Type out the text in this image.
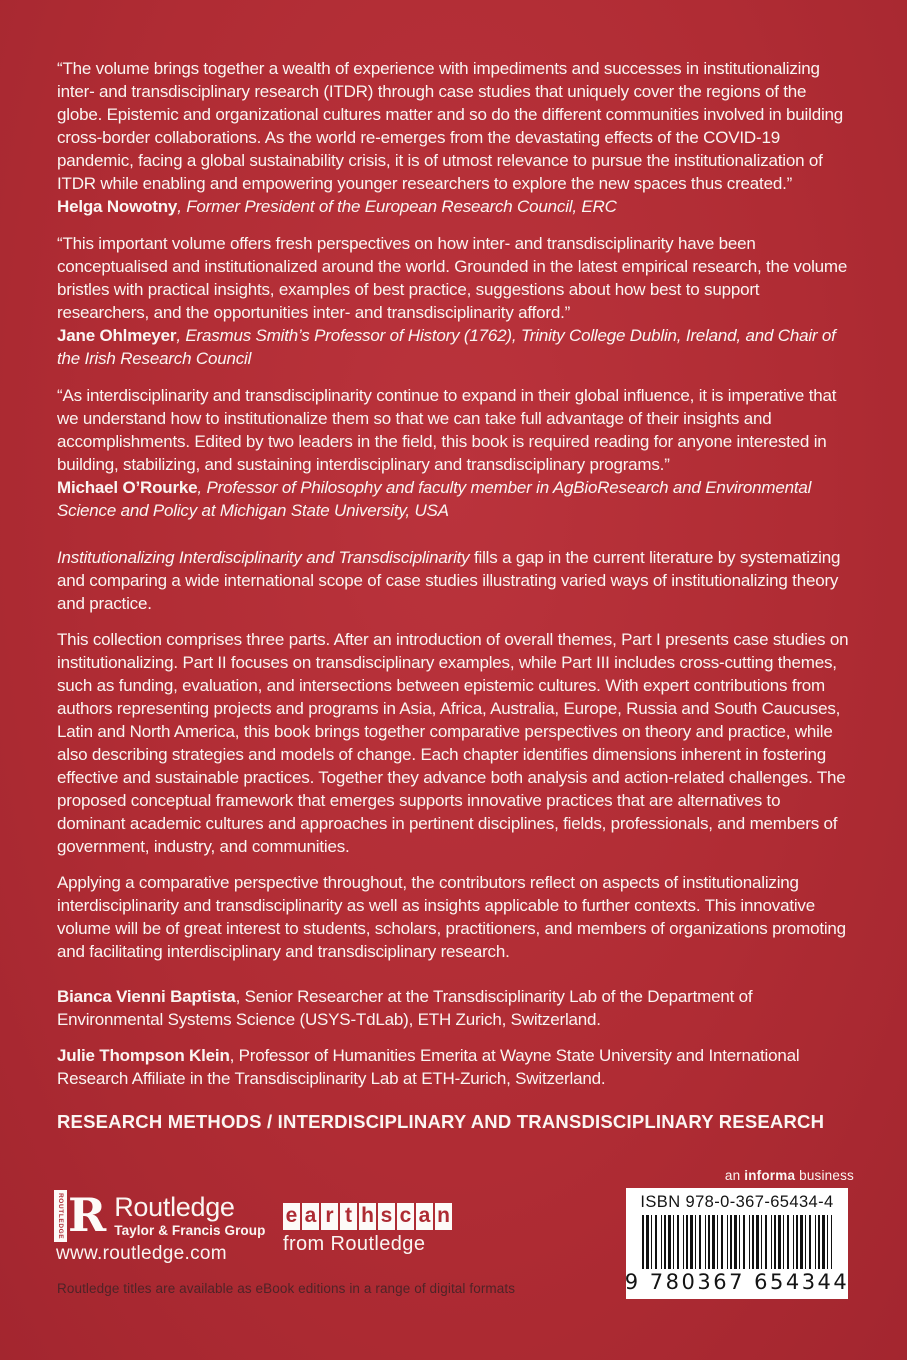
“The volume brings together a wealth of experience with impediments and successes in institutionalizing inter- and transdisciplinary research (ITDR) through case studies that uniquely cover the regions of the globe. Epistemic and organizational cultures matter and so do the different communities involved in building cross-border collaborations. As the world re-emerges from the devastating effects of the COVID-19 pandemic, facing a global sustainability crisis, it is of utmost relevance to pursue the institutionalization of ITDR while enabling and empowering younger researchers to explore the new spaces thus created.”

Helga Nowotny, Former President of the European Research Council, ERC

“This important volume offers fresh perspectives on how inter- and transdisciplinarity have been conceptualised and institutionalized around the world. Grounded in the latest empirical research, the volume bristles with practical insights, examples of best practice, suggestions about how best to support researchers, and the opportunities inter- and transdisciplinarity afford.”

Jane Ohlmeyer, Erasmus Smith’s Professor of History (1762), Trinity College Dublin, Ireland, and Chair of the Irish Research Council

“As interdisciplinarity and transdisciplinarity continue to expand in their global influence, it is imperative that we understand how to institutionalize them so that we can take full advantage of their insights and accomplishments. Edited by two leaders in the field, this book is required reading for anyone interested in building, stabilizing, and sustaining interdisciplinary and transdisciplinary programs.”

Michael O’Rourke, Professor of Philosophy and faculty member in AgBioResearch and Environmental Science and Policy at Michigan State University, USA

Institutionalizing Interdisciplinarity and Transdisciplinarity fills a gap in the current literature by systematizing and comparing a wide international scope of case studies illustrating varied ways of institutionalizing theory and practice.

This collection comprises three parts. After an introduction of overall themes, Part I presents case studies on institutionalizing. Part II focuses on transdisciplinary examples, while Part III includes cross-cutting themes, such as funding, evaluation, and intersections between epistemic cultures. With expert contributions from authors representing projects and programs in Asia, Africa, Australia, Europe, Russia and South Caucuses, Latin and North America, this book brings together comparative perspectives on theory and practice, while also describing strategies and models of change. Each chapter identifies dimensions inherent in fostering effective and sustainable practices. Together they advance both analysis and action-related challenges. The proposed conceptual framework that emerges supports innovative practices that are alternatives to dominant academic cultures and approaches in pertinent disciplines, fields, professionals, and members of government, industry, and communities.

Applying a comparative perspective throughout, the contributors reflect on aspects of institutionalizing interdisciplinarity and transdisciplinarity as well as insights applicable to further contexts. This innovative volume will be of great interest to students, scholars, practitioners, and members of organizations promoting and facilitating interdisciplinary and transdisciplinary research.

Bianca Vienni Baptista, Senior Researcher at the Transdisciplinarity Lab of the Department of Environmental Systems Science (USYS-TdLab), ETH Zurich, Switzerland.

Julie Thompson Klein, Professor of Humanities Emerita at Wayne State University and International Research Affiliate in the Transdisciplinarity Lab at ETH-Zurich, Switzerland.

RESEARCH METHODS / INTERDISCIPLINARY AND TRANSDISCIPLINARY RESEARCH
an informa business
ISBN 978-0-367-65434-4
9 780367 654344
ROUTLEDGE R Routledge
Taylor & Francis Group
www.routledge.com
e a r t h s c a n
from Routledge
Routledge titles are available as eBook editions in a range of digital formats
